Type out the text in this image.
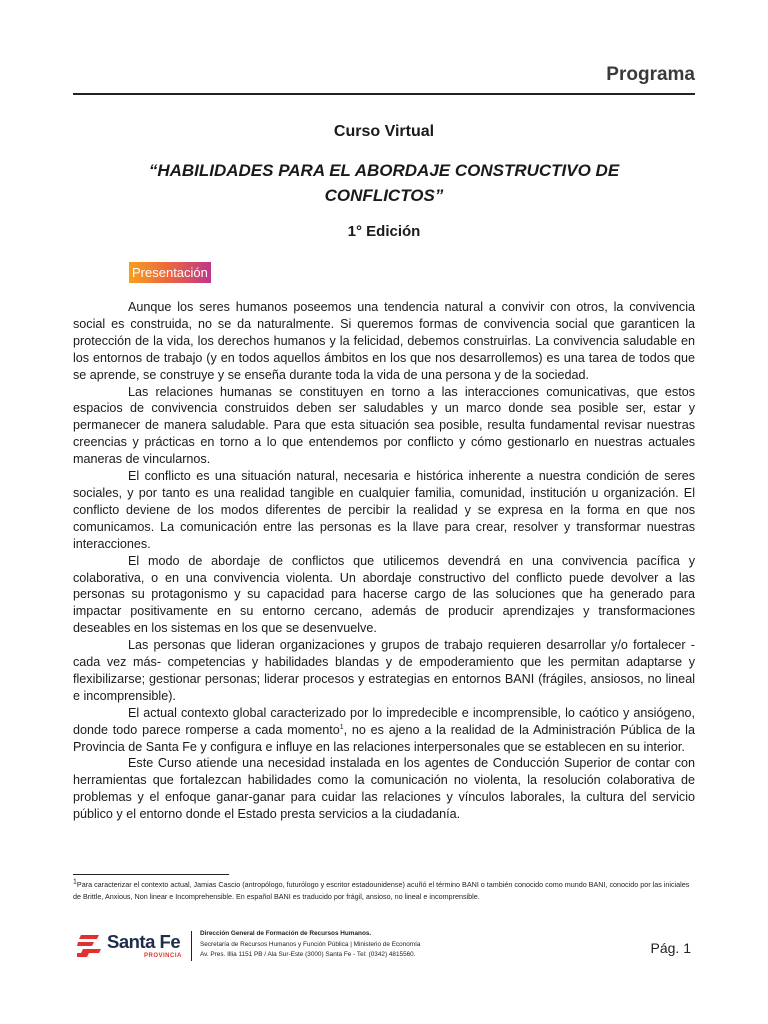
Programa
Curso Virtual
“HABILIDADES PARA EL ABORDAJE CONSTRUCTIVO DE
CONFLICTOS”
1° Edición
Presentación

Aunque los seres humanos poseemos una tendencia natural a convivir con otros, la convivencia social es construida, no se da naturalmente. Si queremos formas de convivencia social que garanticen la protección de la vida, los derechos humanos y la felicidad, debemos construirlas. La convivencia saludable en los entornos de trabajo (y en todos aquellos ámbitos en los que nos desarrollemos) es una tarea de todos que se aprende, se construye y se enseña durante toda la vida de una persona y de la sociedad.

Las relaciones humanas se constituyen en torno a las interacciones comunicativas, que estos espacios de convivencia construidos deben ser saludables y un marco donde sea posible ser, estar y permanecer de manera saludable. Para que esta situación sea posible, resulta fundamental revisar nuestras creencias y prácticas en torno a lo que entendemos por conflicto y cómo gestionarlo en nuestras actuales maneras de vincularnos.

El conflicto es una situación natural, necesaria e histórica inherente a nuestra condición de seres sociales, y por tanto es una realidad tangible en cualquier familia, comunidad, institución u organización. El conflicto deviene de los modos diferentes de percibir la realidad y se expresa en la forma en que nos comunicamos. La comunicación entre las personas es la llave para crear, resolver y transformar nuestras interacciones.

El modo de abordaje de conflictos que utilicemos devendrá en una convivencia pacífica y colaborativa, o en una convivencia violenta. Un abordaje constructivo del conflicto puede devolver a las personas su protagonismo y su capacidad para hacerse cargo de las soluciones que ha generado para impactar positivamente en su entorno cercano, además de producir aprendizajes y transformaciones deseables en los sistemas en los que se desenvuelve.

Las personas que lideran organizaciones y grupos de trabajo requieren desarrollar y/o fortalecer -cada vez más- competencias y habilidades blandas y de empoderamiento que les permitan adaptarse y flexibilizarse; gestionar personas; liderar procesos y estrategias en entornos BANI (frágiles, ansiosos, no lineal e incomprensible).

El actual contexto global caracterizado por lo impredecible e incomprensible, lo caótico y ansiógeno, donde todo parece romperse a cada momento$^1$, no es ajeno a la realidad de la Administración Pública de la Provincia de Santa Fe y configura e influye en las relaciones interpersonales que se establecen en su interior.

Este Curso atiende una necesidad instalada en los agentes de Conducción Superior de contar con herramientas que fortalezcan habilidades como la comunicación no violenta, la resolución colaborativa de problemas y el enfoque ganar-ganar para cuidar las relaciones y vínculos laborales, la cultura del servicio público y el entorno donde el Estado presta servicios a la ciudadanía.

$^1$Para caracterizar el contexto actual, Jamias Cascio (antropólogo, futurólogo y escritor estadounidense) acuñó el término BANI o también conocido como mundo BANI, conocido por las iniciales de Brittle, Anxious, Non linear e Incomprehensible. En español BANI es traducido por frágil, ansioso, no lineal e incomprensible.
Santa Fe
PROVINCIA
Dirección General de Formación de Recursos Humanos.
Secretaría de Recursos Humanos y Función Pública | Ministerio de Economía
Av. Pres. Illia 1151 PB / Ala Sur-Este (3000) Santa Fe - Tel: (0342) 4815560.	Pág. 1
